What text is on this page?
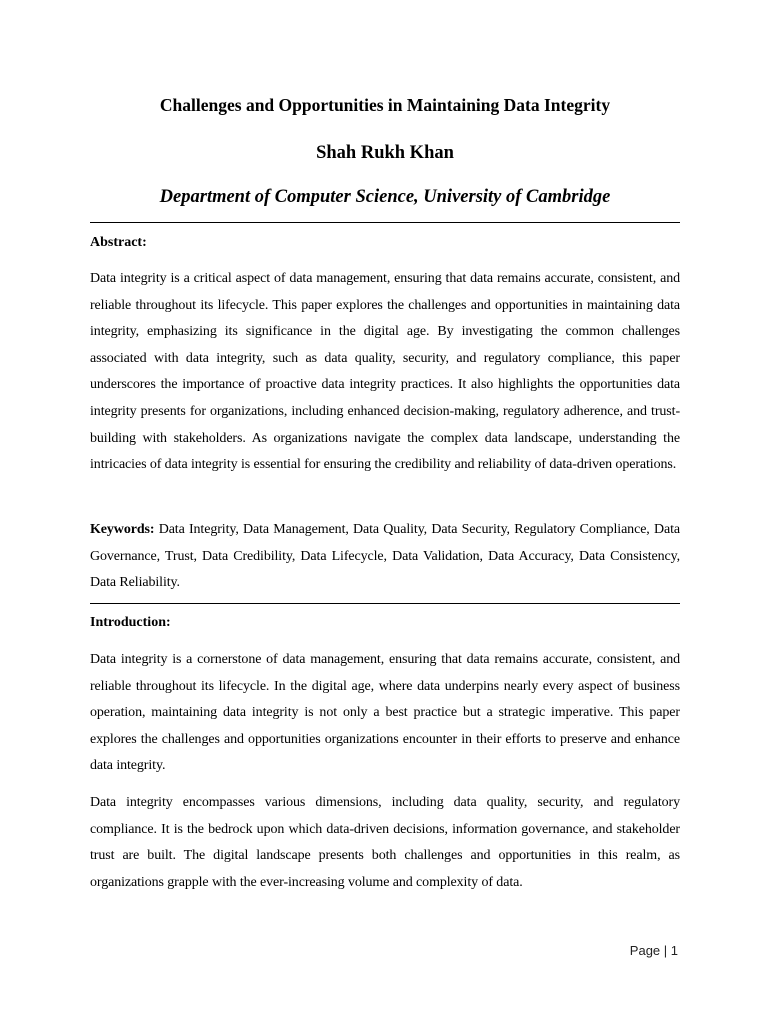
Challenges and Opportunities in Maintaining Data Integrity
Shah Rukh Khan
Department of Computer Science, University of Cambridge
Abstract:

Data integrity is a critical aspect of data management, ensuring that data remains accurate, consistent, and reliable throughout its lifecycle. This paper explores the challenges and opportunities in maintaining data integrity, emphasizing its significance in the digital age. By investigating the common challenges associated with data integrity, such as data quality, security, and regulatory compliance, this paper underscores the importance of proactive data integrity practices. It also highlights the opportunities data integrity presents for organizations, including enhanced decision-making, regulatory adherence, and trust-building with stakeholders. As organizations navigate the complex data landscape, understanding the intricacies of data integrity is essential for ensuring the credibility and reliability of data-driven operations.

Keywords: Data Integrity, Data Management, Data Quality, Data Security, Regulatory Compliance, Data Governance, Trust, Data Credibility, Data Lifecycle, Data Validation, Data Accuracy, Data Consistency, Data Reliability.

Introduction:

Data integrity is a cornerstone of data management, ensuring that data remains accurate, consistent, and reliable throughout its lifecycle. In the digital age, where data underpins nearly every aspect of business operation, maintaining data integrity is not only a best practice but a strategic imperative. This paper explores the challenges and opportunities organizations encounter in their efforts to preserve and enhance data integrity.

Data integrity encompasses various dimensions, including data quality, security, and regulatory compliance. It is the bedrock upon which data-driven decisions, information governance, and stakeholder trust are built. The digital landscape presents both challenges and opportunities in this realm, as organizations grapple with the ever-increasing volume and complexity of data.

Page | 1
